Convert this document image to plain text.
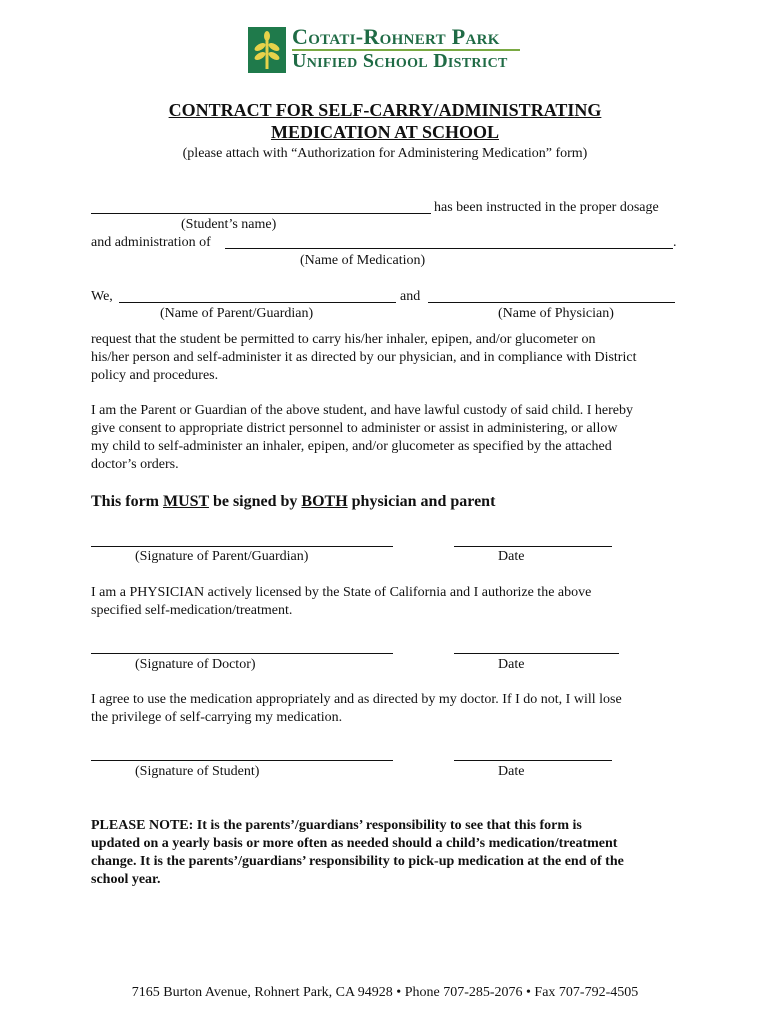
Cotati-Rohnert Park
Unified School District
CONTRACT FOR SELF-CARRY/ADMINISTRATING
MEDICATION AT SCHOOL
(please attach with “Authorization for Administering Medication” form)
has been instructed in the proper dosage
(Student’s name)
and administration of	.
(Name of Medication)
We,	and
(Name of Parent/Guardian)	(Name of Physician)
request that the student be permitted to carry his/her inhaler, epipen, and/or glucometer on
his/her person and self-administer it as directed by our physician, and in compliance with District
policy and procedures.
I am the Parent or Guardian of the above student, and have lawful custody of said child. I hereby
give consent to appropriate district personnel to administer or assist in administering, or allow
my child to self-administer an inhaler, epipen, and/or glucometer as specified by the attached
doctor’s orders.
This form MUST be signed by BOTH physician and parent
(Signature of Parent/Guardian)	Date
I am a PHYSICIAN actively licensed by the State of California and I authorize the above
specified self-medication/treatment.
(Signature of Doctor)	Date
I agree to use the medication appropriately and as directed by my doctor. If I do not, I will lose
the privilege of self-carrying my medication.
(Signature of Student)	Date
PLEASE NOTE: It is the parents’/guardians’ responsibility to see that this form is
updated on a yearly basis or more often as needed should a child’s medication/treatment
change. It is the parents’/guardians’ responsibility to pick-up medication at the end of the
school year.
7165 Burton Avenue, Rohnert Park, CA 94928 • Phone 707-285-2076 • Fax 707-792-4505
